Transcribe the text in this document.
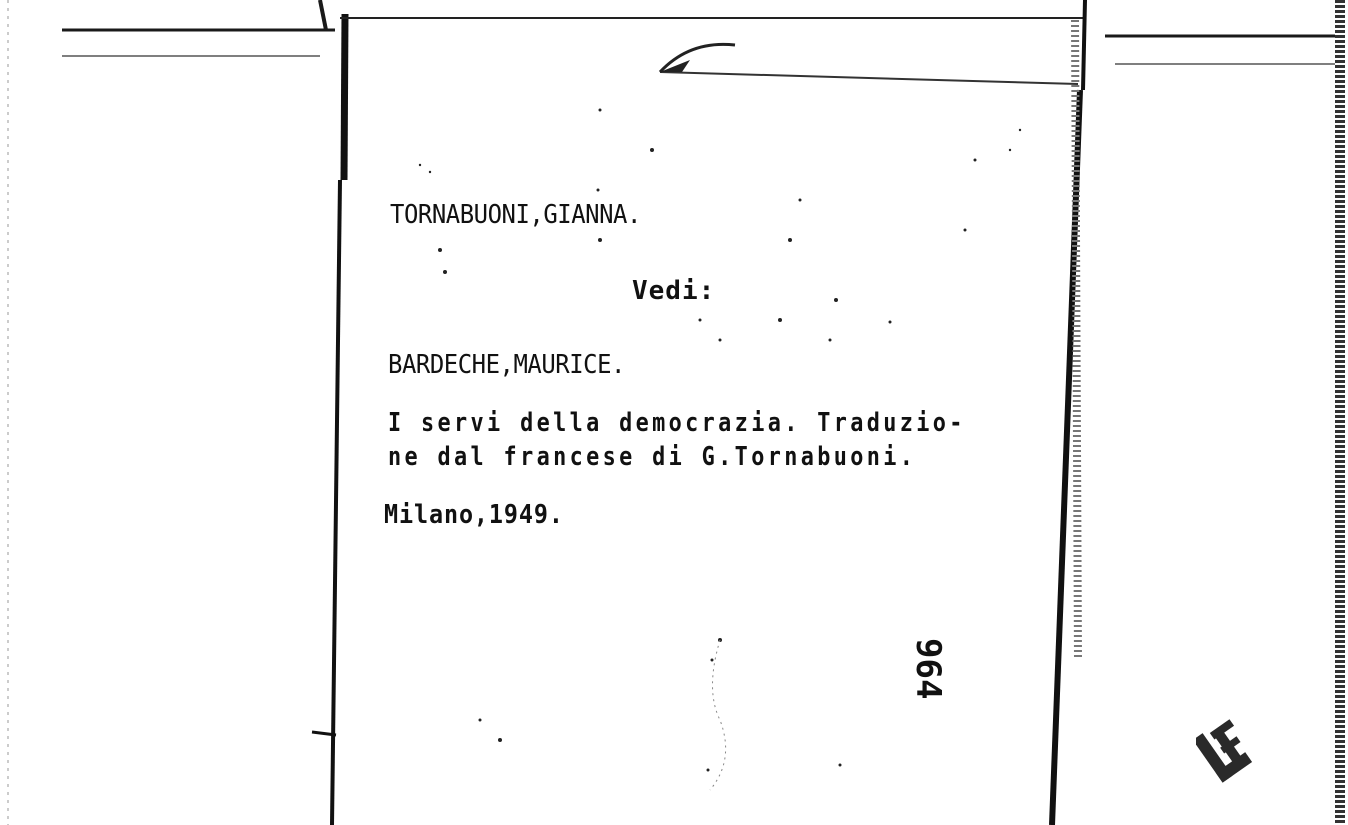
TORNABUONI,GIANNA.
Vedi:
BARDECHE,MAURICE.
I servi della democrazia. Traduzio-
ne dal francese di G.Tornabuoni.
Milano,1949.
964
